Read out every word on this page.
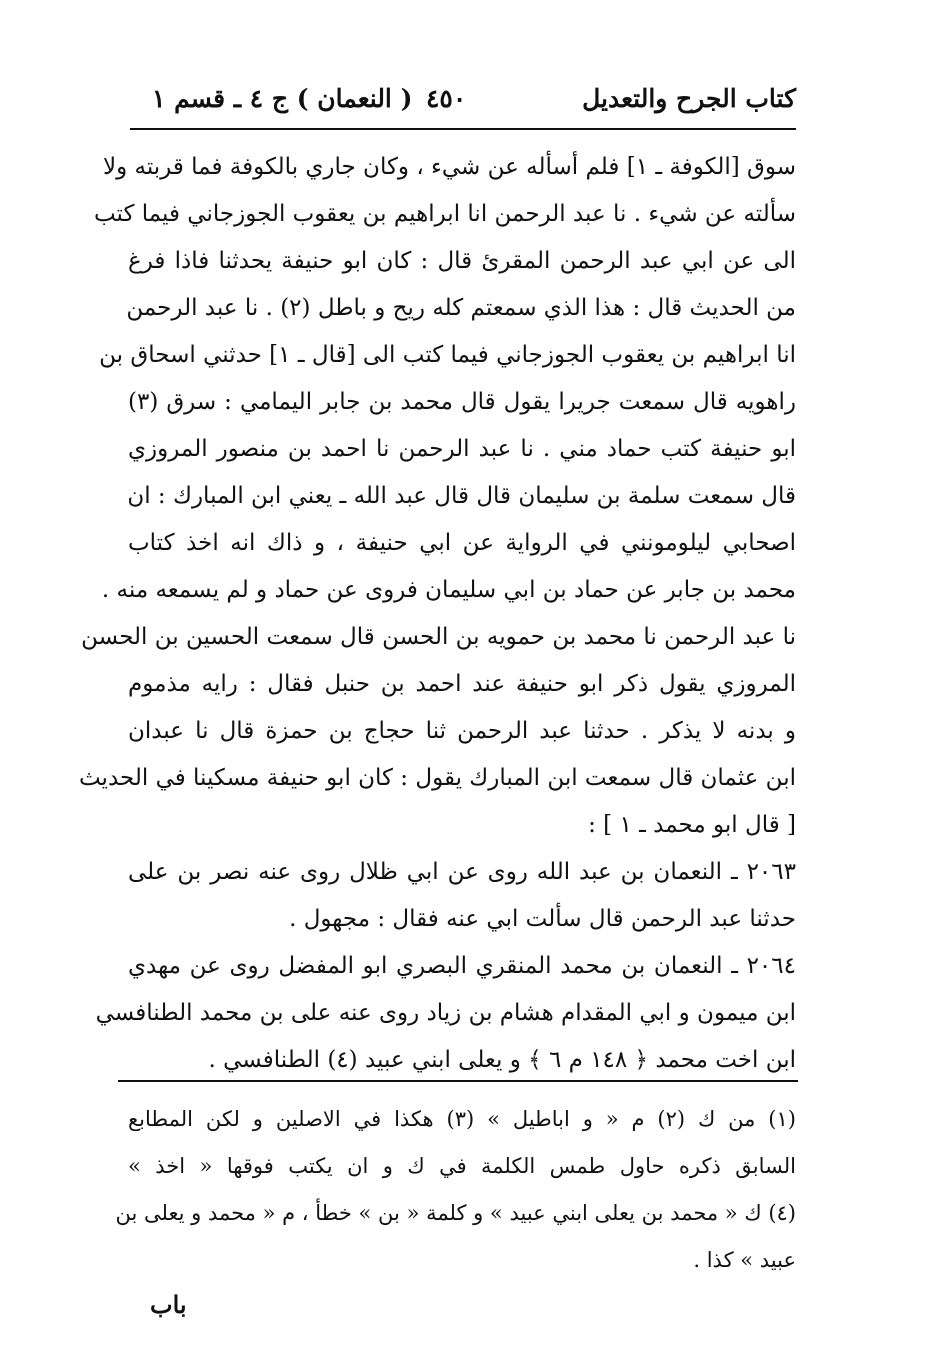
كتاب الجرح والتعديل
٤٥٠
( النعمان ) ج ٤ ـ قسم ١
سوق [الكوفة ـ ١] فلم أسأله عن شيء ، وكان جاري بالكوفة فما قربته ولا
سألته عن شيء . نا عبد الرحمن انا ابراهيم بن يعقوب الجوزجاني فيما كتب
الى عن ابي عبد الرحمن المقرئ قال : كان ابو حنيفة يحدثنا فاذا فرغ
من الحديث قال : هذا الذي سمعتم كله ريح و باطل (٢) . نا عبد الرحمن
انا ابراهيم بن يعقوب الجوزجاني فيما كتب الى [قال ـ ١] حدثني اسحاق بن
راهويه قال سمعت جريرا يقول قال محمد بن جابر اليمامي : سرق (٣)
ابو حنيفة كتب حماد مني . نا عبد الرحمن نا احمد بن منصور المروزي
قال سمعت سلمة بن سليمان قال قال عبد الله ـ يعني ابن المبارك : ان
اصحابي ليلومونني في الرواية عن ابي حنيفة ، و ذاك انه اخذ كتاب
محمد بن جابر عن حماد بن ابي سليمان فروى عن حماد و لم يسمعه منه .
نا عبد الرحمن نا محمد بن حمويه بن الحسن قال سمعت الحسين بن الحسن
المروزي يقول ذكر ابو حنيفة عند احمد بن حنبل فقال : رايه مذموم
و بدنه لا يذكر . حدثنا عبد الرحمن ثنا حجاج بن حمزة قال نا عبدان
ابن عثمان قال سمعت ابن المبارك يقول : كان ابو حنيفة مسكينا في الحديث
[ قال ابو محمد ـ ١ ] :
٢٠٦٣ ـ النعمان بن عبد الله روى عن ابي ظلال روى عنه نصر بن على
حدثنا عبد الرحمن قال سألت ابي عنه فقال : مجهول .
٢٠٦٤ ـ النعمان بن محمد المنقري البصري ابو المفضل روى عن مهدي
ابن ميمون و ابي المقدام هشام بن زياد روى عنه على بن محمد الطنافسي
ابن اخت محمد ﴿ ١٤٨ م ٦ ﴾ و يعلى ابني عبيد (٤) الطنافسي .
(١) من ك (٢) م « و اباطيل » (٣) هكذا في الاصلين و لكن المطابع
السابق ذكره حاول طمس الكلمة في ك و ان يكتب فوقها « اخذ »
(٤) ك « محمد بن يعلى ابني عبيد » و كلمة « بن » خطأ ، م « محمد و يعلى بن
عبيد » كذا .
باب
